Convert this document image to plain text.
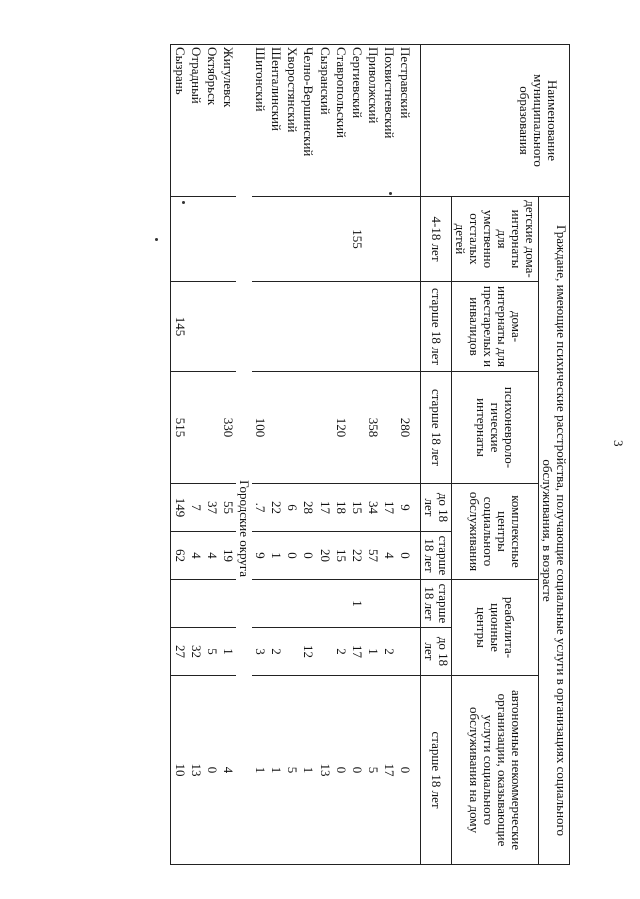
3
Наименование муниципального образования	Граждане, имеющие психические расстройства, получающие социальные услуги в организациях социального обслуживания, в возрасте							
	детские дома-интернаты для умственно отсталых детей	дома-интернаты для престарелых и инвалидов	психоневроло-гические интернаты	комплексные центры социального обслуживания		реабилита-ционные центры		автономные некоммерческие организации, оказывающие услуги социального обслуживания на дому
	4-18 лет	старше 18 лет	старше 18 лет	до 18 лет	старше 18 лет	старше 18 лет	до 18 лет	старше 18 лет
Пестравский			280	9	0			0
Похвистневский				17	4		2	17
Приволжский			358	34	57		1	5
Сергиевский	155			15	22	1	17	0
Ставропольский			120	18	15		2	0
Сызранский				17	20			13
Челно-Вершинский				28	0		12	1
Хворостянский				6	0			5
Шенталинский				22	1		2	1
Шигонский			100	.7	9		3	1
Городские округа								
Жигулевск			330	55	19		1	4
Октябрьск				37	4		5	0
Отрадный				7	4		32	13
Сызрань		145	515	149	62		27	10
